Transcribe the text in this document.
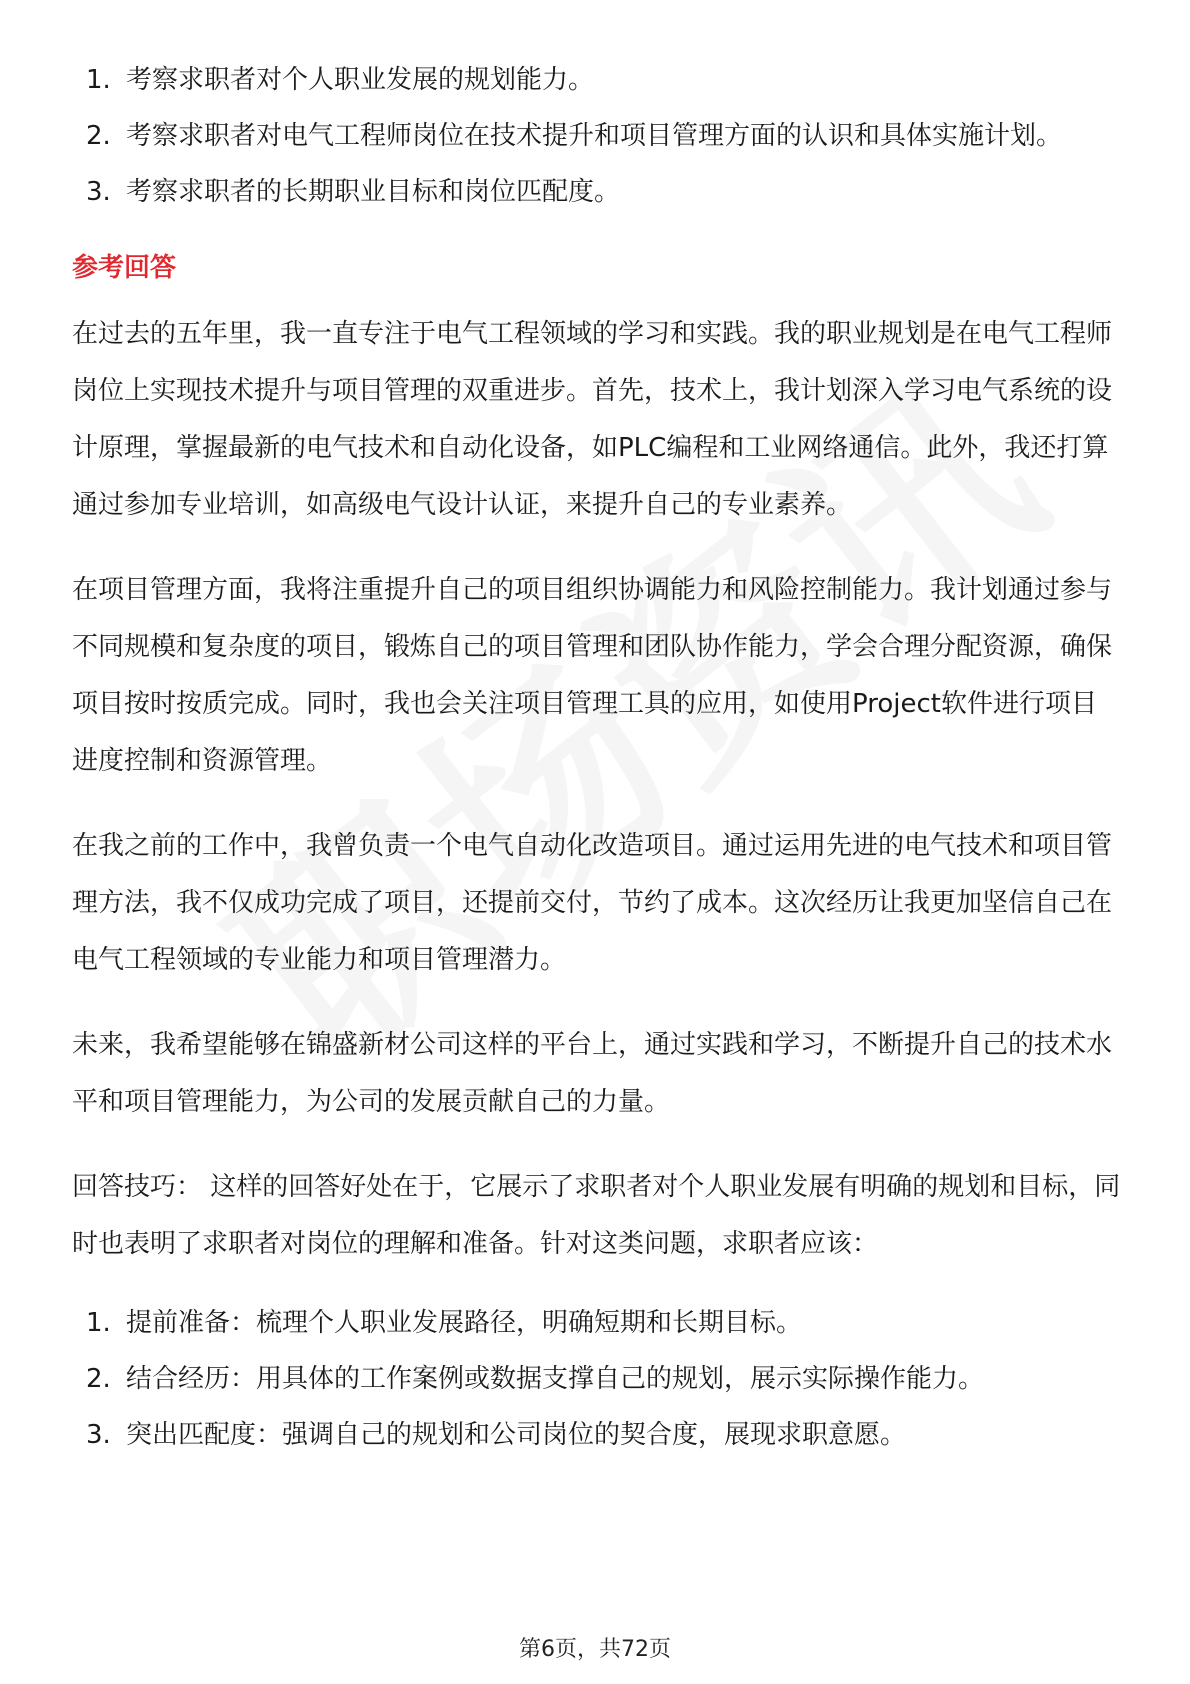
1. 考察求职者对个人职业发展的规划能力。
2. 考察求职者对电气工程师岗位在技术提升和项目管理方面的认识和具体实施计划。
3. 考察求职者的长期职业目标和岗位匹配度。
参考回答

在过去的五年里，我一直专注于电气工程领域的学习和实践。我的职业规划是在电气工程师岗位上实现技术提升与项目管理的双重进步。首先，技术上，我计划深入学习电气系统的设计原理，掌握最新的电气技术和自动化设备，如PLC编程和工业网络通信。此外，我还打算通过参加专业培训，如高级电气设计认证，来提升自己的专业素养。

在项目管理方面，我将注重提升自己的项目组织协调能力和风险控制能力。我计划通过参与不同规模和复杂度的项目，锻炼自己的项目管理和团队协作能力，学会合理分配资源，确保项目按时按质完成。同时，我也会关注项目管理工具的应用，如使用Project软件进行项目进度控制和资源管理。

在我之前的工作中，我曾负责一个电气自动化改造项目。通过运用先进的电气技术和项目管理方法，我不仅成功完成了项目，还提前交付，节约了成本。这次经历让我更加坚信自己在电气工程领域的专业能力和项目管理潜力。

未来，我希望能够在锦盛新材公司这样的平台上，通过实践和学习，不断提升自己的技术水平和项目管理能力，为公司的发展贡献自己的力量。

回答技巧： 这样的回答好处在于，它展示了求职者对个人职业发展有明确的规划和目标，同时也表明了求职者对岗位的理解和准备。针对这类问题，求职者应该：

1. 提前准备：梳理个人职业发展路径，明确短期和长期目标。
2. 结合经历：用具体的工作案例或数据支撑自己的规划，展示实际操作能力。
3. 突出匹配度：强调自己的规划和公司岗位的契合度，展现求职意愿。
第6页，共72页
